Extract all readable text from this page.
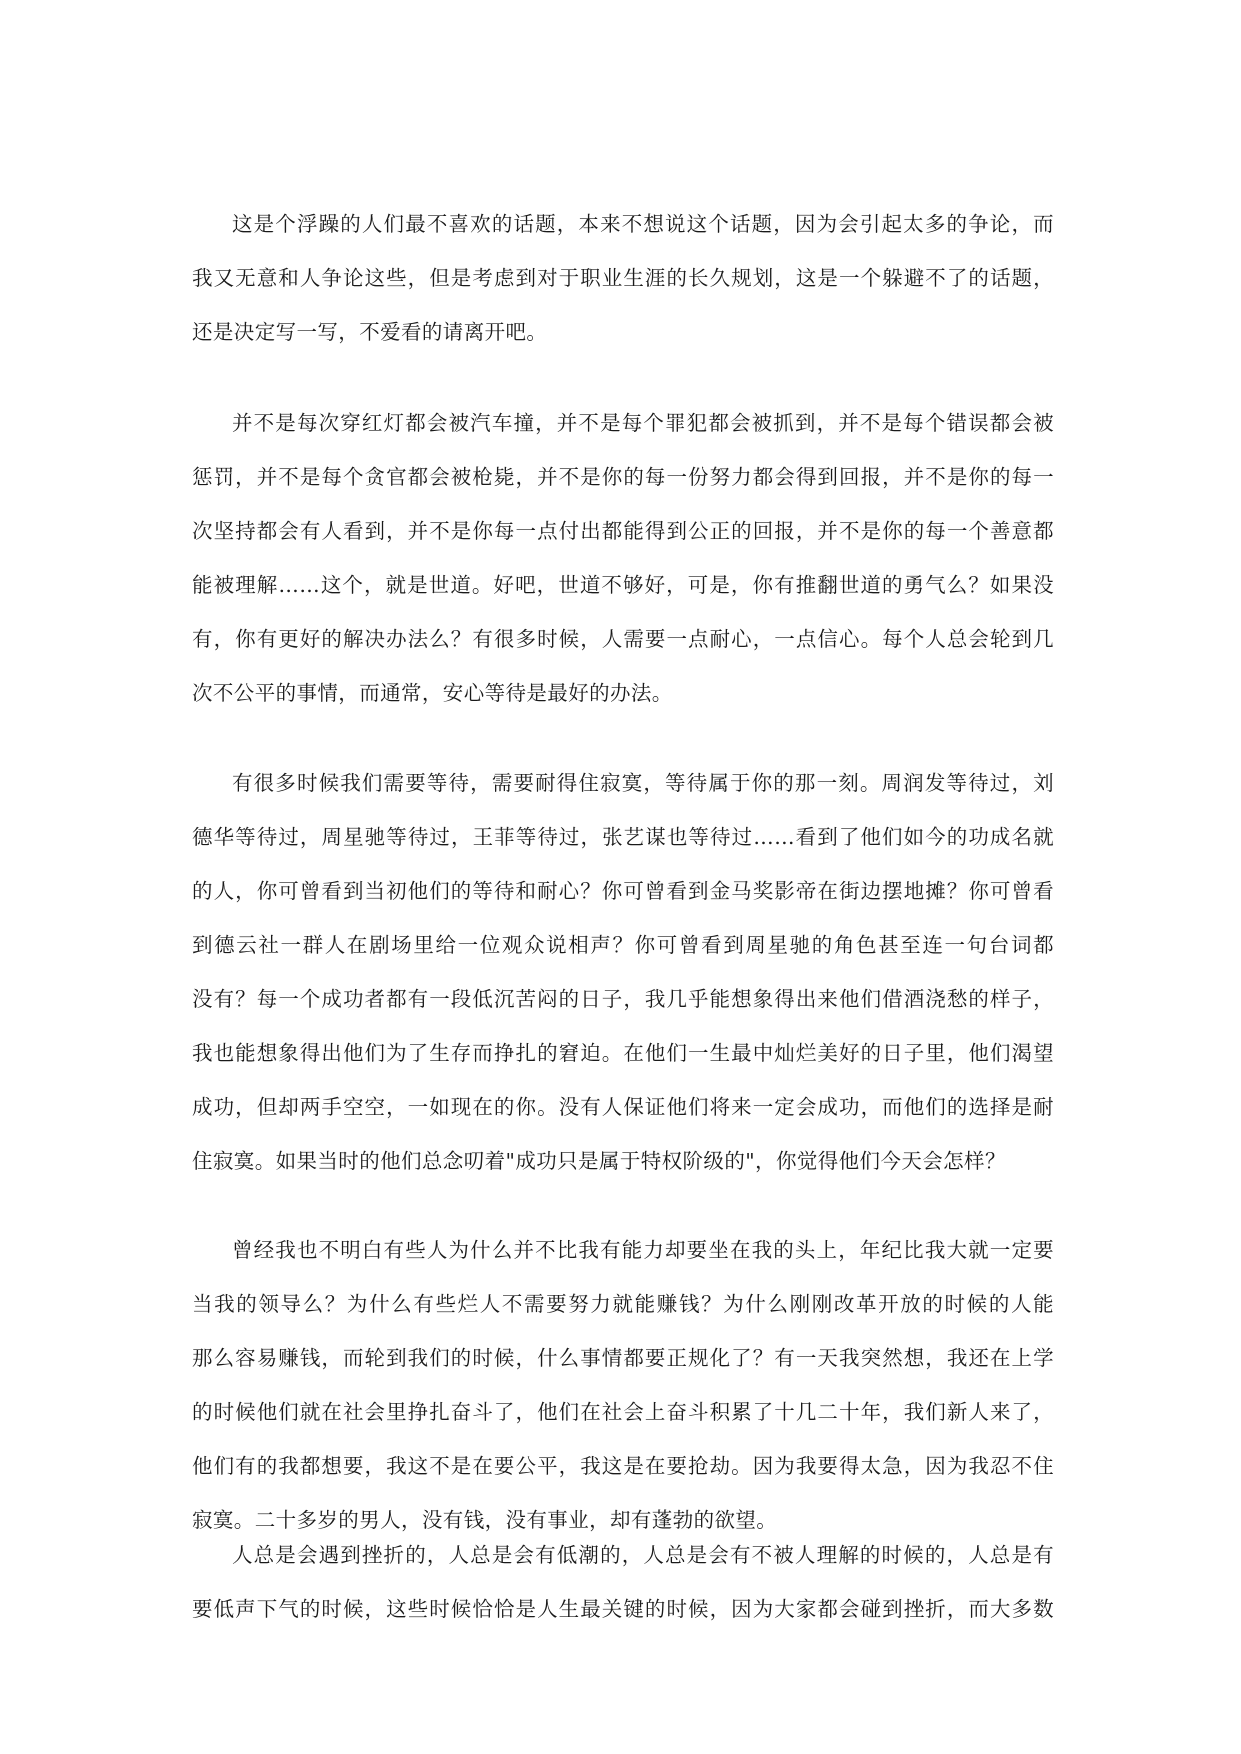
这是个浮躁的人们最不喜欢的话题，本来不想说这个话题，因为会引起太多的争论，而
我又无意和人争论这些，但是考虑到对于职业生涯的长久规划，这是一个躲避不了的话题，
还是决定写一写，不爱看的请离开吧。
并不是每次穿红灯都会被汽车撞，并不是每个罪犯都会被抓到，并不是每个错误都会被
惩罚，并不是每个贪官都会被枪毙，并不是你的每一份努力都会得到回报，并不是你的每一
次坚持都会有人看到，并不是你每一点付出都能得到公正的回报，并不是你的每一个善意都
能被理解……这个，就是世道。好吧，世道不够好，可是，你有推翻世道的勇气么？如果没
有，你有更好的解决办法么？有很多时候，人需要一点耐心，一点信心。每个人总会轮到几
次不公平的事情，而通常，安心等待是最好的办法。
有很多时候我们需要等待，需要耐得住寂寞，等待属于你的那一刻。周润发等待过，刘
德华等待过，周星驰等待过，王菲等待过，张艺谋也等待过……看到了他们如今的功成名就
的人，你可曾看到当初他们的等待和耐心？你可曾看到金马奖影帝在街边摆地摊？你可曾看
到德云社一群人在剧场里给一位观众说相声？你可曾看到周星驰的角色甚至连一句台词都
没有？每一个成功者都有一段低沉苦闷的日子，我几乎能想象得出来他们借酒浇愁的样子，
我也能想象得出他们为了生存而挣扎的窘迫。在他们一生最中灿烂美好的日子里，他们渴望
成功，但却两手空空，一如现在的你。没有人保证他们将来一定会成功，而他们的选择是耐
住寂寞。如果当时的他们总念叨着"成功只是属于特权阶级的"，你觉得他们今天会怎样？
曾经我也不明白有些人为什么并不比我有能力却要坐在我的头上，年纪比我大就一定要
当我的领导么？为什么有些烂人不需要努力就能赚钱？为什么刚刚改革开放的时候的人能
那么容易赚钱，而轮到我们的时候，什么事情都要正规化了？有一天我突然想，我还在上学
的时候他们就在社会里挣扎奋斗了，他们在社会上奋斗积累了十几二十年，我们新人来了，
他们有的我都想要，我这不是在要公平，我这是在要抢劫。因为我要得太急，因为我忍不住
寂寞。二十多岁的男人，没有钱，没有事业，却有蓬勃的欲望。
人总是会遇到挫折的，人总是会有低潮的，人总是会有不被人理解的时候的，人总是有
要低声下气的时候，这些时候恰恰是人生最关键的时候，因为大家都会碰到挫折，而大多数
